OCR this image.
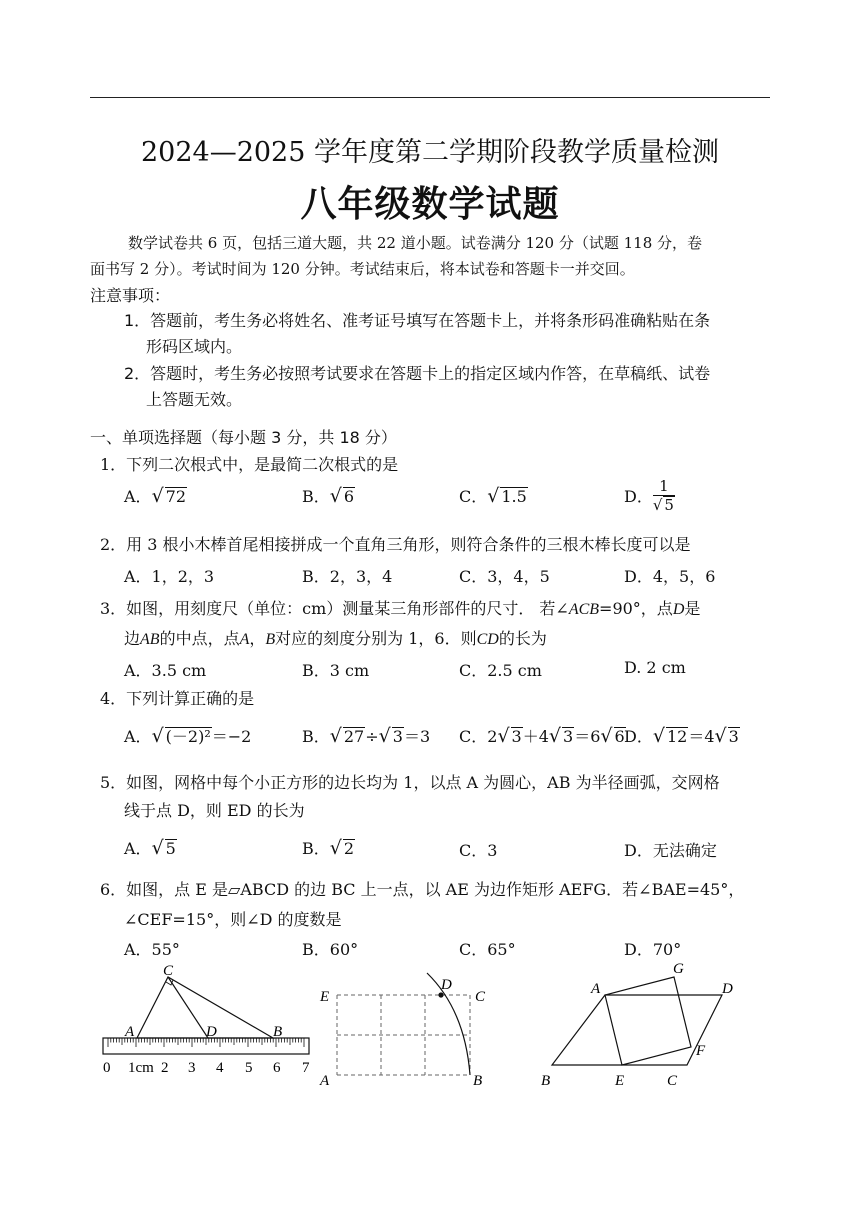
2024—2025 学年度第二学期阶段教学质量检测
八年级数学试题
数学试卷共 6 页，包括三道大题，共 22 道小题。试卷满分 120 分（试题 118 分，卷
面书写 2 分）。考试时间为 120 分钟。考试结束后，将本试卷和答题卡一并交回。
注意事项：
1．答题前，考生务必将姓名、准考证号填写在答题卡上，并将条形码准确粘贴在条
形码区域内。
2．答题时，考生务必按照考试要求在答题卡上的指定区域内作答，在草稿纸、试卷
上答题无效。
一、单项选择题（每小题 3 分，共 18 分）
1．下列二次根式中，是最简二次根式的是
A．√ 72	B．√ 6	C．√ 1.5	D． $\frac{1}{√ 5}$
2．用 3 根小木棒首尾相接拼成一个直角三角形，则符合条件的三根木棒长度可以是
A．1，2，3	B．2，3，4	C．3，4，5	D．4，5，6
3．如图，用刻度尺（单位：cm）测量某三角形部件的尺寸． 若∠ACB=90°，点D是
边AB的中点，点A，B对应的刻度分别为 1，6．则CD的长为
A．3.5 cm	B．3 cm	C．2.5 cm	D. 2 cm
4．下列计算正确的是
A．√ (－2)²＝−2	B．√ 27÷√ 3＝3 C．2√ 3＋4√ 3＝6√ 6 D．√ 12＝4√ 3
5．如图，网格中每个小正方形的边长均为 1，以点 A 为圆心，AB 为半径画弧，交网格
线于点 D，则 ED 的长为
A．√ 5	B．√ 2	C．3	D．无法确定
6．如图，点 E 是▱ABCD 的边 BC 上一点，以 AE 为边作矩形 AEFG．若∠BAE=45°，
∠CEF=15°，则∠D 的度数是
A．55°	B．60°	C．65°	D．70°
C
A	D	B
0 1cm 2 3 4 5 6 7
E
D
C
A	B
A
G
D
F
B	E	C
